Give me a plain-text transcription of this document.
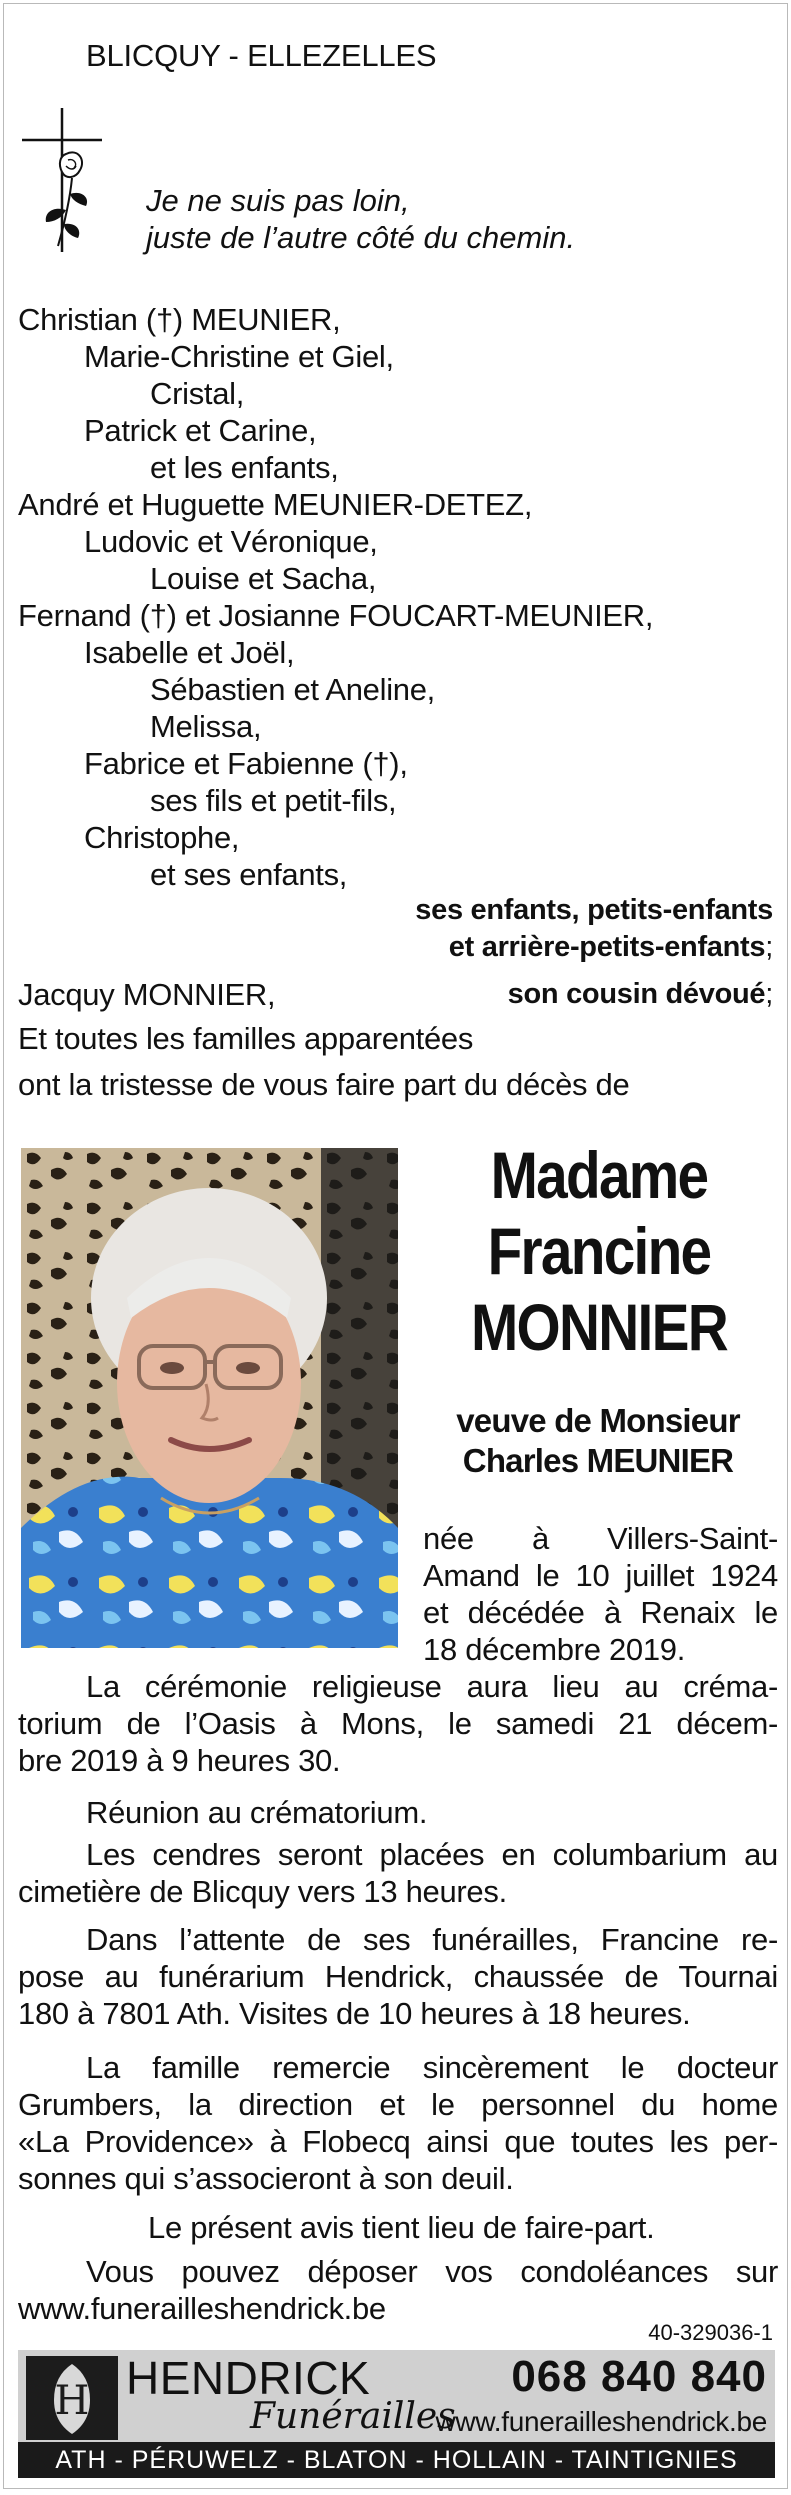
BLICQUY - ELLEZELLES
Je ne suis pas loin,
juste de l’autre côté du chemin.
Christian (†) MEUNIER,
Marie-Christine et Giel,
Cristal,
Patrick et Carine,
et les enfants,
André et Huguette MEUNIER-DETEZ,
Ludovic et Véronique,
Louise et Sacha,
Fernand (†) et Josianne FOUCART-MEUNIER,
Isabelle et Joël,
Sébastien et Aneline,
Melissa,
Fabrice et Fabienne (†),
ses fils et petit-fils,
Christophe,
et ses enfants,
ses enfants, petits-enfants
et arrière-petits-enfants;
Jacquy MONNIER,	son cousin dévoué;
Et toutes les familles apparentées
ont la tristesse de vous faire part du décès de
Madame
Francine
MONNIER
veuve de Monsieur
Charles MEUNIER
née à Villers-Saint-
Amand le 10 juillet 1924
et décédée à Renaix le
18 décembre 2019.
La cérémonie religieuse aura lieu au créma-
torium de l’Oasis à Mons, le samedi 21 décem-
bre 2019 à 9 heures 30.
Réunion au crématorium.
Les cendres seront placées en columbarium au
cimetière de Blicquy vers 13 heures.
Dans l’attente de ses funérailles, Francine re-
pose au funérarium Hendrick, chaussée de Tournai
180 à 7801 Ath. Visites de 10 heures à 18 heures.
La famille remercie sincèrement le docteur
Grumbers, la direction et le personnel du home
«La Providence» à Flobecq ainsi que toutes les per-
sonnes qui s’associeront à son deuil.
Le présent avis tient lieu de faire-part.
Vous pouvez déposer vos condoléances sur
www.funerailleshendrick.be
40-329036-1
H HENDRICK
Funérailles
068 840 840
www.funerailleshendrick.be
ATH - PÉRUWELZ - BLATON - HOLLAIN - TAINTIGNIES
